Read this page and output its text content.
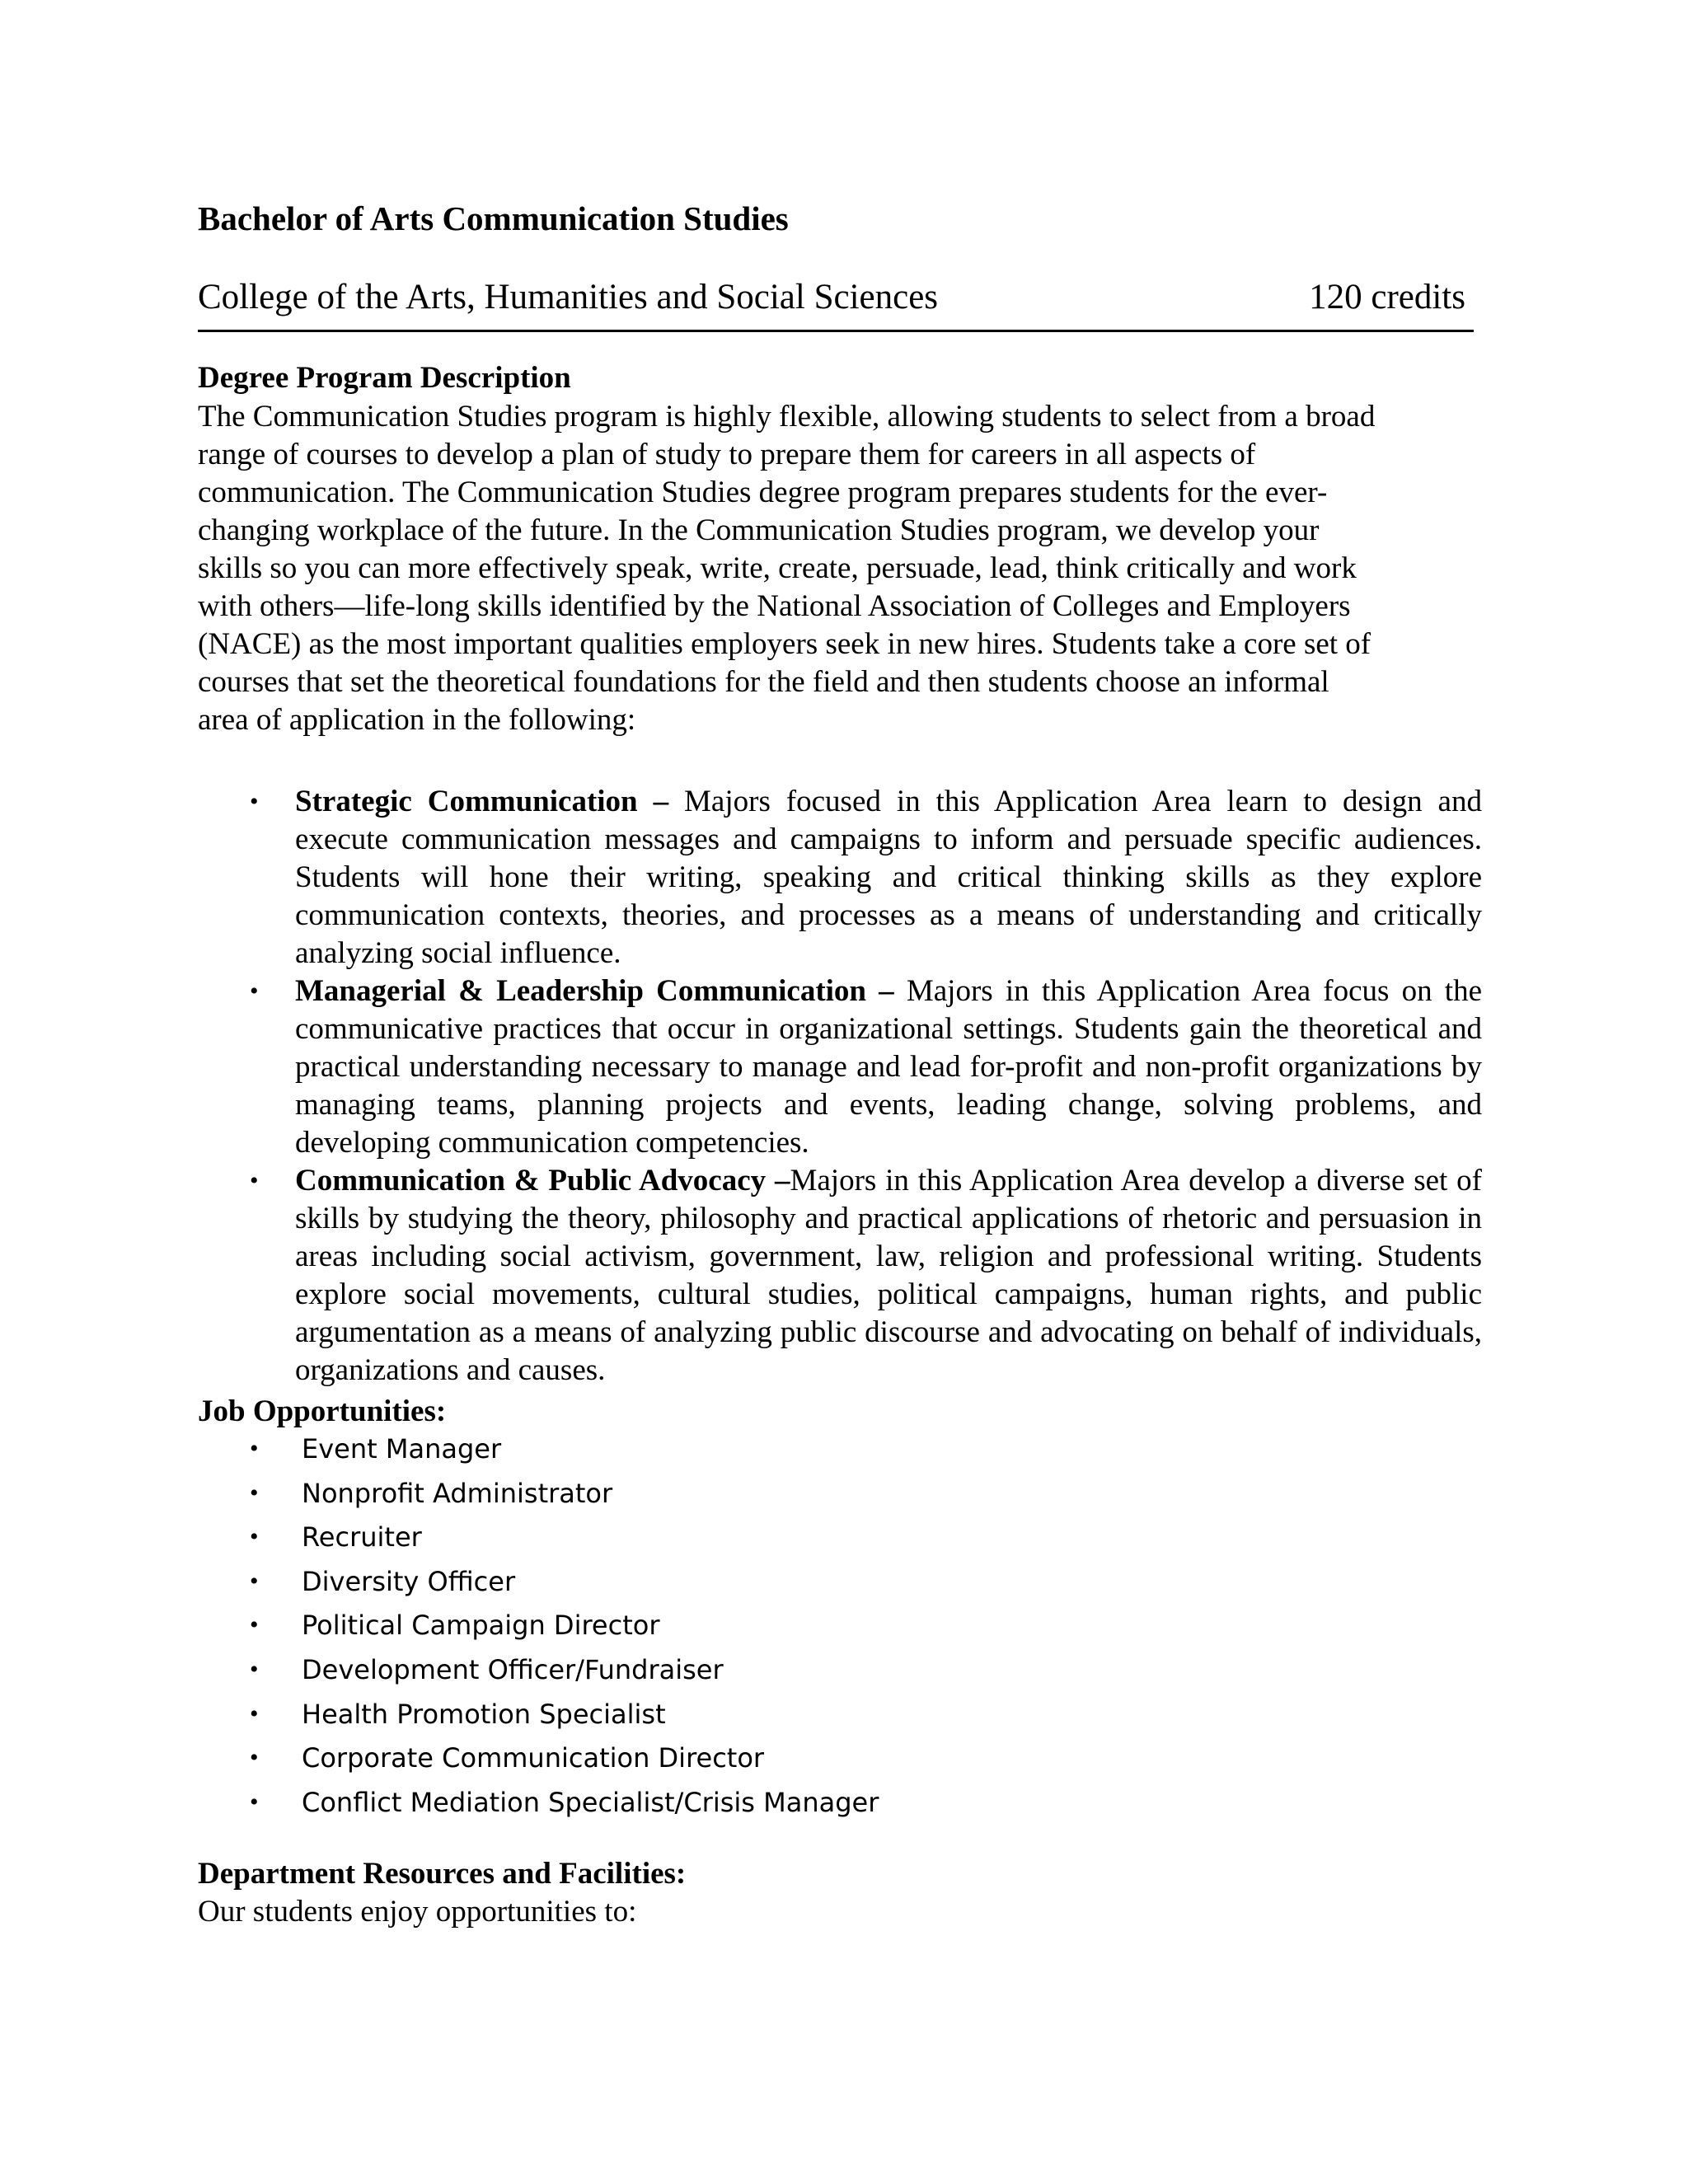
Bachelor of Arts Communication Studies
College of the Arts, Humanities and Social Sciences	120 credits
Degree Program Description
The Communication Studies program is highly flexible, allowing students to select from a broad
range of courses to develop a plan of study to prepare them for careers in all aspects of
communication. The Communication Studies degree program prepares students for the ever-
changing workplace of the future. In the Communication Studies program, we develop your
skills so you can more effectively speak, write, create, persuade, lead, think critically and work
with others—life-long skills identified by the National Association of Colleges and Employers
(NACE) as the most important qualities employers seek in new hires. Students take a core set of
courses that set the theoretical foundations for the field and then students choose an informal
area of application in the following:
• Strategic Communication – Majors focused in this Application Area learn to design and execute communication messages and campaigns to inform and persuade specific audiences. Students will hone their writing, speaking and critical thinking skills as they explore communication contexts, theories, and processes as a means of understanding and critically analyzing social influence.
• Managerial & Leadership Communication – Majors in this Application Area focus on the communicative practices that occur in organizational settings. Students gain the theoretical and practical understanding necessary to manage and lead for-profit and non-profit organizations by managing teams, planning projects and events, leading change, solving problems, and developing communication competencies.
• Communication & Public Advocacy –Majors in this Application Area develop a diverse set of skills by studying the theory, philosophy and practical applications of rhetoric and persuasion in areas including social activism, government, law, religion and professional writing. Students explore social movements, cultural studies, political campaigns, human rights, and public argumentation as a means of analyzing public discourse and advocating on behalf of individuals, organizations and causes.
Job Opportunities:
• Event Manager
• Nonprofit Administrator
• Recruiter
• Diversity Officer
• Political Campaign Director
• Development Officer/Fundraiser
• Health Promotion Specialist
• Corporate Communication Director
• Conflict Mediation Specialist/Crisis Manager
Department Resources and Facilities:
Our students enjoy opportunities to:
